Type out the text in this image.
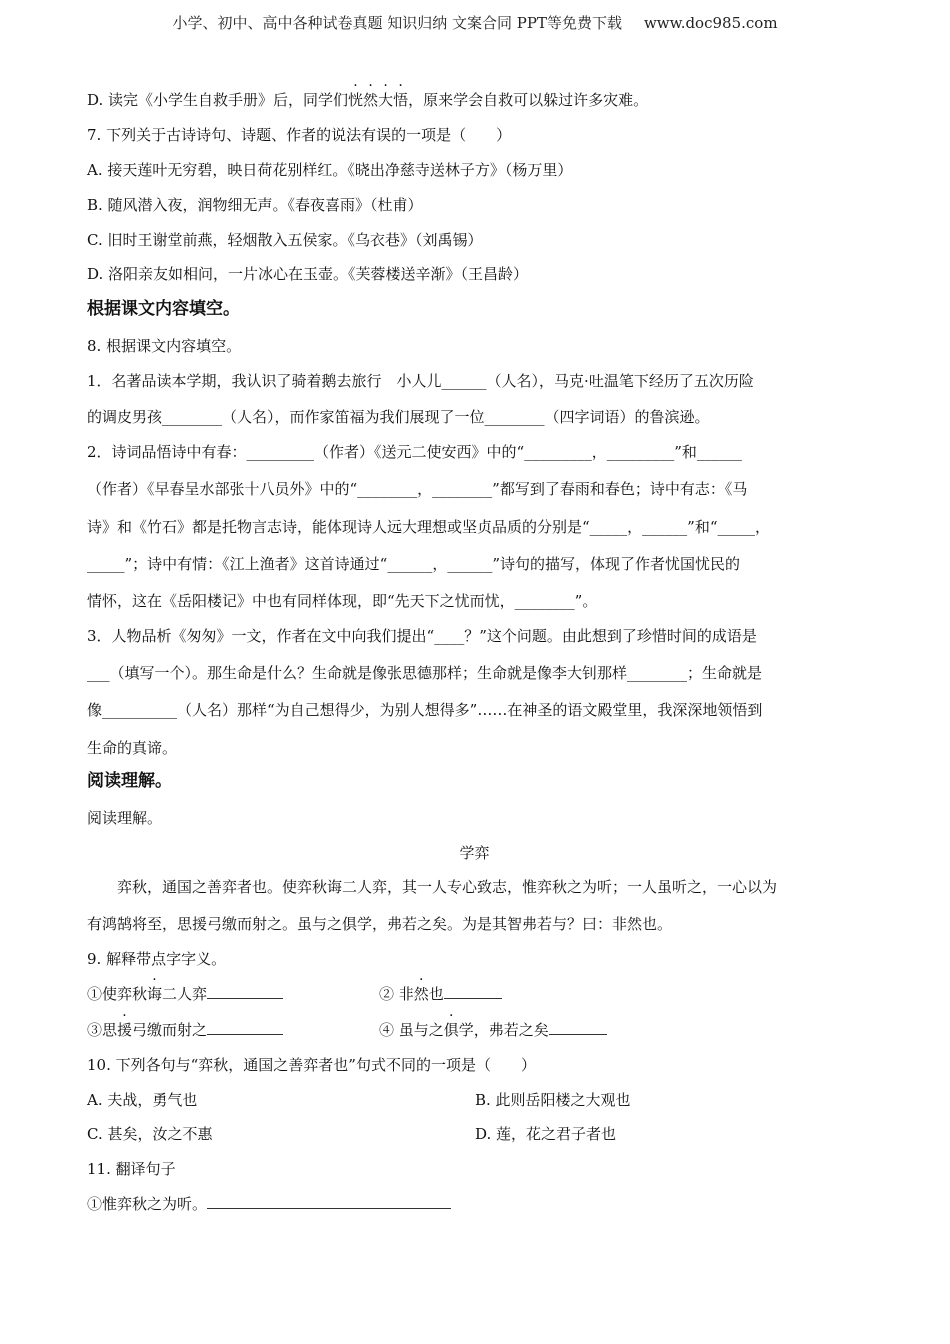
小学、初中、高中各种试卷真题 知识归纳 文案合同 PPT等免费下载 www.doc985.com
D. 读完《小学生自救手册》后，同学们恍然大悟，原来学会自救可以躲过许多灾难。
7. 下列关于古诗诗句、诗题、作者的说法有误的一项是（　　）
A. 接天莲叶无穷碧，映日荷花别样红。《晓出净慈寺送林子方》（杨万里）
B. 随风潜入夜，润物细无声。《春夜喜雨》（杜甫）
C. 旧时王谢堂前燕，轻烟散入五侯家。《乌衣巷》（刘禹锡）
D. 洛阳亲友如相问，一片冰心在玉壶。《芙蓉楼送辛渐》（王昌龄）
根据课文内容填空。
8. 根据课文内容填空。
1．名著品读本学期，我认识了骑着鹅去旅行　小人儿______（人名），马克·吐温笔下经历了五次历险
的调皮男孩________（人名），而作家笛福为我们展现了一位________（四字词语）的鲁滨逊。
2．诗词品悟诗中有春：_________（作者）《送元二使安西》中的“_________，_________”和______
（作者）《早春呈水部张十八员外》中的“________，________”都写到了春雨和春色；诗中有志：《马
诗》和《竹石》都是托物言志诗，能体现诗人远大理想或坚贞品质的分别是“_____，______”和“_____，
_____”；诗中有情：《江上渔者》这首诗通过“______，______”诗句的描写，体现了作者忧国忧民的
情怀，这在《岳阳楼记》中也有同样体现，即“先天下之忧而忧，________”。
3．人物品析《匆匆》一文，作者在文中向我们提出“____？”这个问题。由此想到了珍惜时间的成语是
___（填写一个）。那生命是什么？生命就是像张思德那样；生命就是像李大钊那样________；生命就是
像__________（人名）那样“为自己想得少，为别人想得多”……在神圣的语文殿堂里，我深深地领悟到
生命的真谛。
阅读理解。
阅读理解。
学弈
弈秋，通国之善弈者也。使弈秋诲二人弈，其一人专心致志，惟弈秋之为听；一人虽听之，一心以为
有鸿鹄将至，思援弓缴而射之。虽与之俱学，弗若之矣。为是其智弗若与？曰：非然也。
9. 解释带点字字义。
①使弈秋诲二人弈	② 非然也
③思援弓缴而射之	④ 虽与之俱学，弗若之矣
10. 下列各句与“弈秋，通国之善弈者也”句式不同的一项是（　　）
A. 夫战，勇气也	B. 此则岳阳楼之大观也
C. 甚矣，汝之不惠	D. 莲，花之君子者也
11. 翻译句子
①惟弈秋之为听。
